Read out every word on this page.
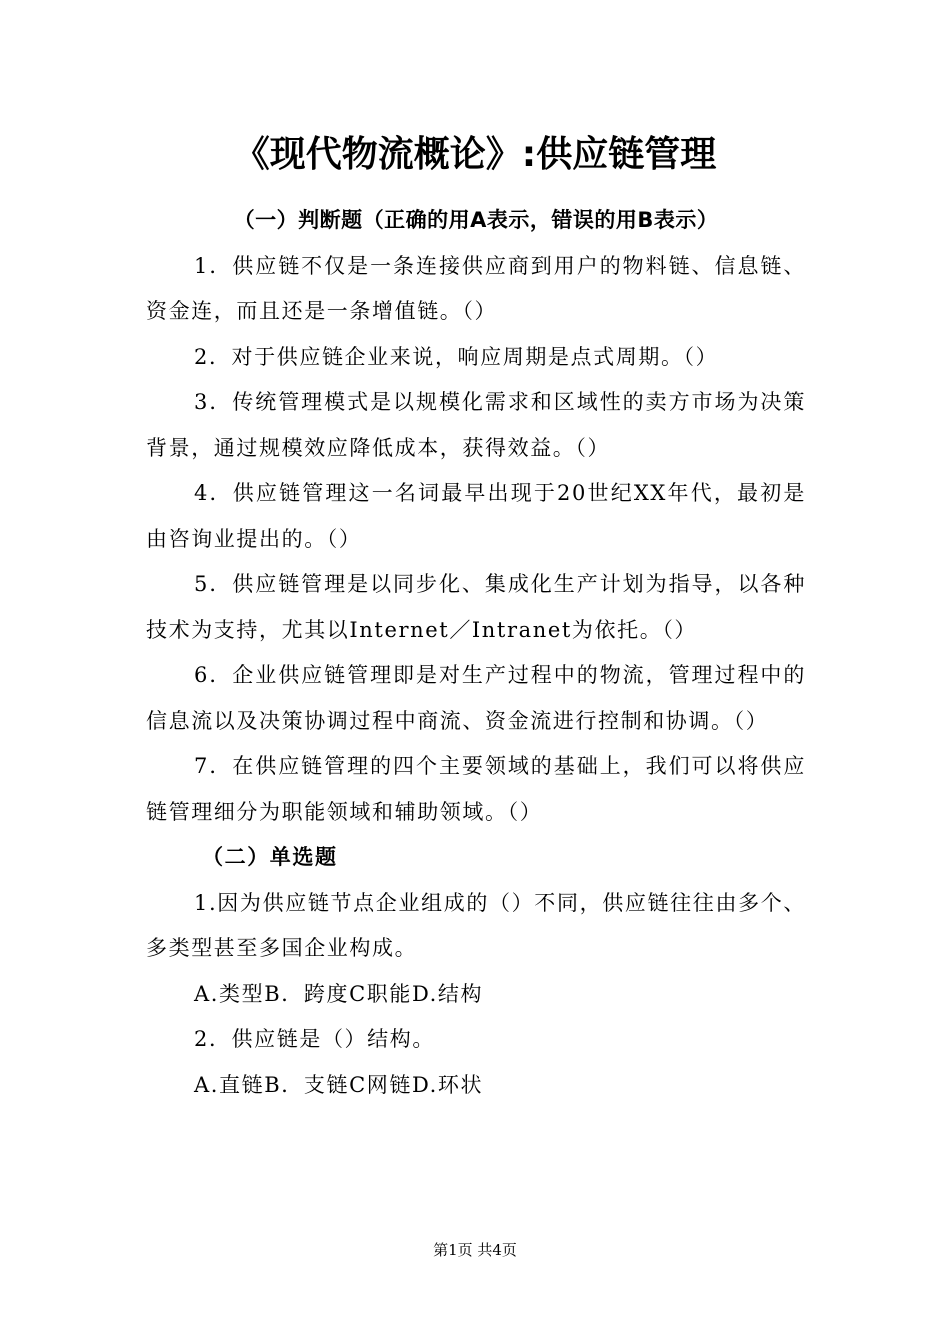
《现代物流概论》:供应链管理

（一）判断题（正确的用A表示，错误的用B表示）

1．供应链不仅是一条连接供应商到用户的物料链、信息链、资金连，而且还是一条增值链。（）

2．对于供应链企业来说，响应周期是点式周期。（）

3．传统管理模式是以规模化需求和区域性的卖方市场为决策背景，通过规模效应降低成本，获得效益。（）

4．供应链管理这一名词最早出现于20世纪XX年代，最初是由咨询业提出的。（）

5．供应链管理是以同步化、集成化生产计划为指导，以各种技术为支持，尤其以Internet／Intranet为依托。（）

6．企业供应链管理即是对生产过程中的物流，管理过程中的信息流以及决策协调过程中商流、资金流进行控制和协调。（）

7．在供应链管理的四个主要领域的基础上，我们可以将供应链管理细分为职能领域和辅助领域。（）

（二）单选题

1.因为供应链节点企业组成的（）不同，供应链往往由多个、多类型甚至多国企业构成。

A.类型B．跨度C职能D.结构

2．供应链是（）结构。

A.直链B．支链C网链D.环状

第1页 共4页
